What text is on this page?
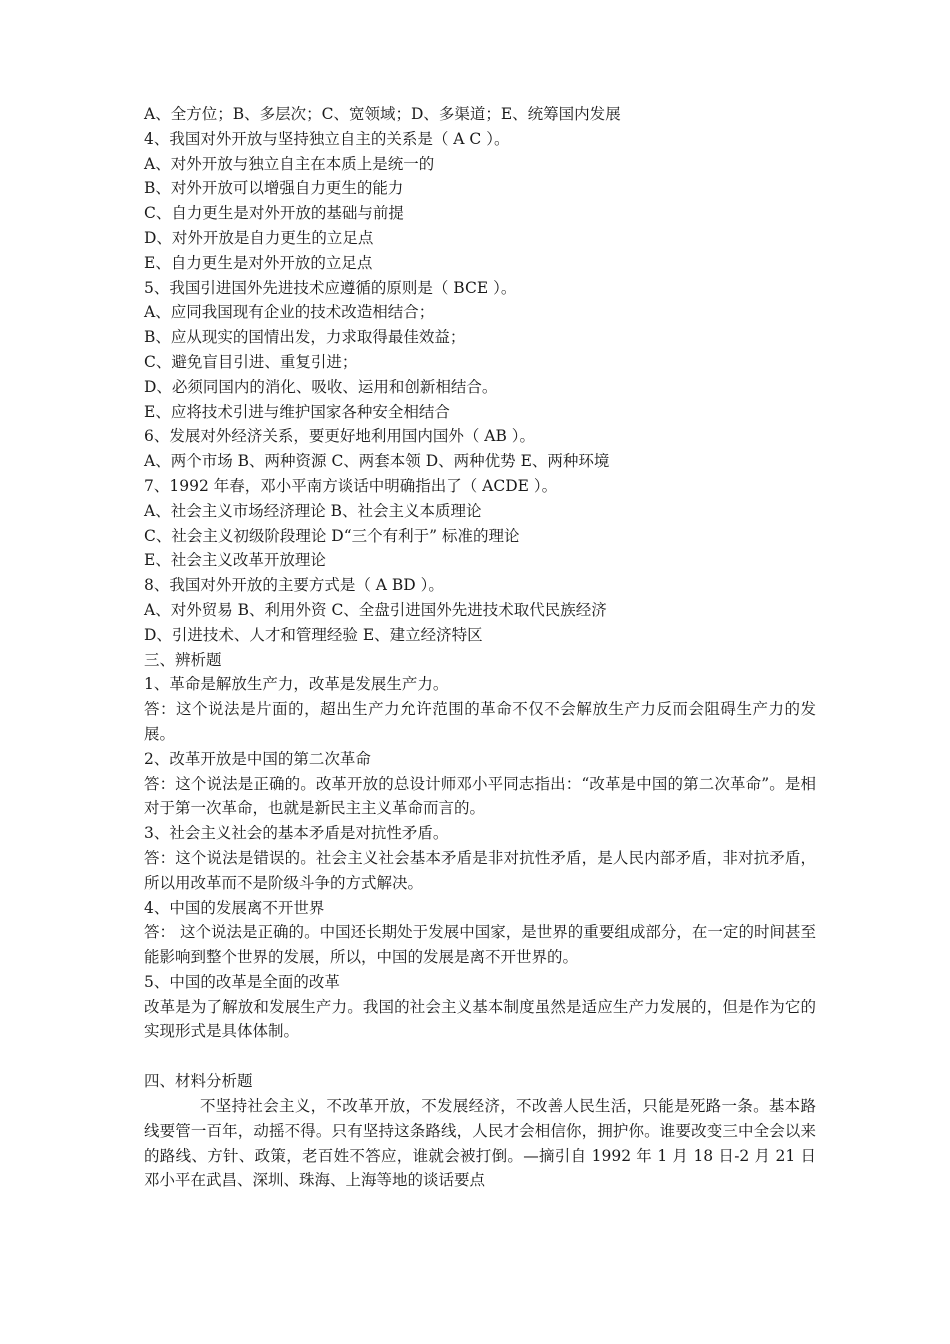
A、全方位；B、多层次；C、宽领域；D、多渠道；E、统筹国内发展

4、我国对外开放与坚持独立自主的关系是（ A C ）。

A、对外开放与独立自主在本质上是统一的

B、对外开放可以增强自力更生的能力

C、自力更生是对外开放的基础与前提

D、对外开放是自力更生的立足点

E、自力更生是对外开放的立足点

5、我国引进国外先进技术应遵循的原则是（ BCE ）。

A、应同我国现有企业的技术改造相结合；

B、应从现实的国情出发，力求取得最佳效益；

C、避免盲目引进、重复引进；

D、必须同国内的消化、吸收、运用和创新相结合。

E、应将技术引进与维护国家各种安全相结合

6、发展对外经济关系，要更好地利用国内国外（ AB ）。

A、两个市场 B、两种资源 C、两套本领 D、两种优势 E、两种环境

7、1992 年春，邓小平南方谈话中明确指出了（ ACDE ）。

A、社会主义市场经济理论 B、社会主义本质理论

C、社会主义初级阶段理论 D“三个有利于” 标准的理论

E、社会主义改革开放理论

8、我国对外开放的主要方式是（ A BD ）。

A、对外贸易 B、利用外资 C、全盘引进国外先进技术取代民族经济

D、引进技术、人才和管理经验 E、建立经济特区

三、辨析题

1、革命是解放生产力，改革是发展生产力。

答：这个说法是片面的，超出生产力允许范围的革命不仅不会解放生产力反而会阻碍生产力的发展。

2、改革开放是中国的第二次革命

答：这个说法是正确的。改革开放的总设计师邓小平同志指出：“改革是中国的第二次革命”。是相对于第一次革命，也就是新民主主义革命而言的。

3、社会主义社会的基本矛盾是对抗性矛盾。

答：这个说法是错误的。社会主义社会基本矛盾是非对抗性矛盾，是人民内部矛盾，非对抗矛盾，所以用改革而不是阶级斗争的方式解决。

4、中国的发展离不开世界

答： 这个说法是正确的。中国还长期处于发展中国家，是世界的重要组成部分，在一定的时间甚至能影响到整个世界的发展，所以，中国的发展是离不开世界的。

5、中国的改革是全面的改革

改革是为了解放和发展生产力。我国的社会主义基本制度虽然是适应生产力发展的，但是作为它的实现形式是具体体制。

四、材料分析题

不坚持社会主义，不改革开放，不发展经济，不改善人民生活，只能是死路一条。基本路线要管一百年，动摇不得。只有坚持这条路线，人民才会相信你，拥护你。谁要改变三中全会以来的路线、方针、政策，老百姓不答应，谁就会被打倒。—摘引自 1992 年 1 月 18 日-2 月 21 日邓小平在武昌、深圳、珠海、上海等地的谈话要点
